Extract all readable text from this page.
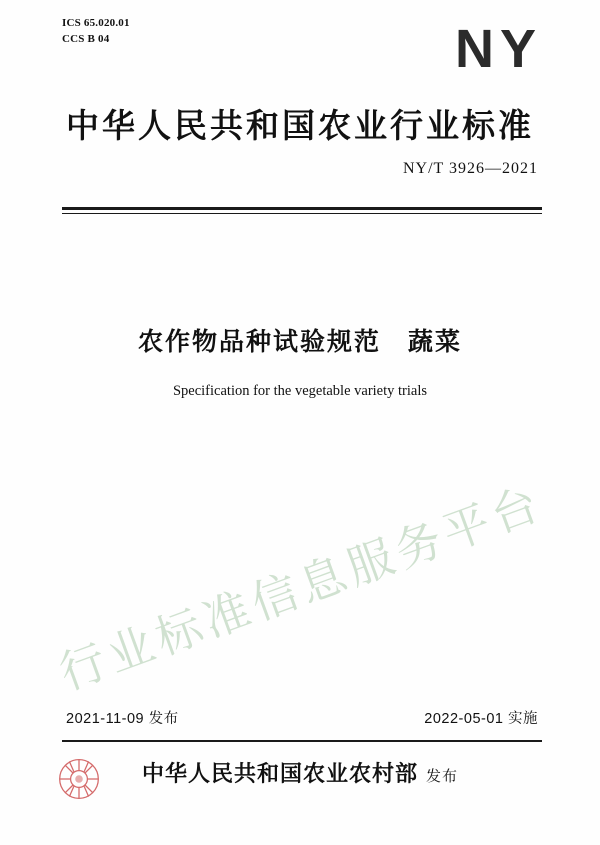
ICS 65.020.01
CCS B 04	NY
中华人民共和国农业行业标准
NY/T 3926—2021
农作物品种试验规范　蔬菜
Specification for the vegetable variety trials
行业标准信息服务平台
2021-11-09 发布	2022-05-01 实施
中华人民共和国农业农村部 发布
